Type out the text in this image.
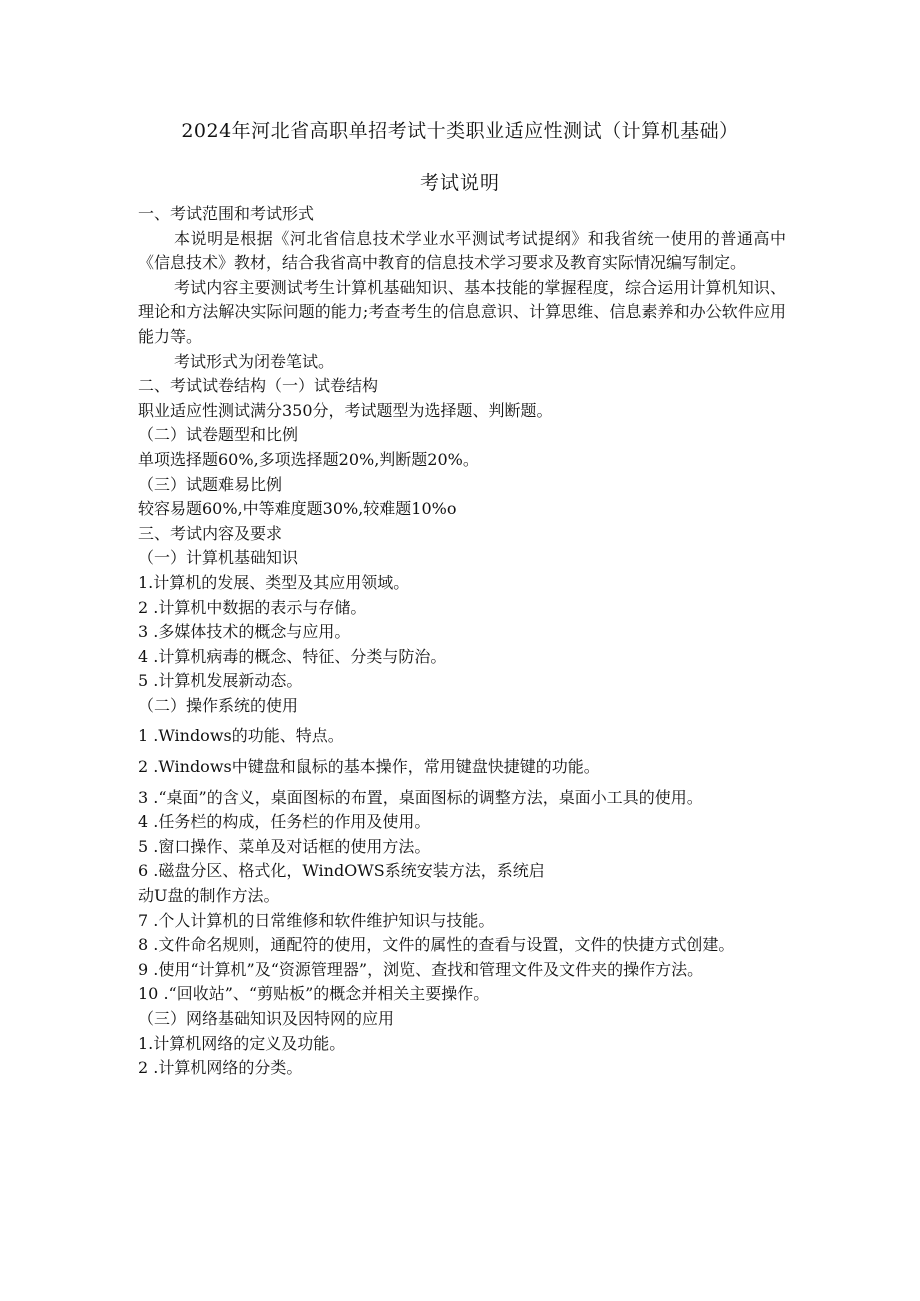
2024年河北省高职单招考试十类职业适应性测试（计算机基础）
考试说明

一、考试范围和考试形式

本说明是根据《河北省信息技术学业水平测试考试提纲》和我省统一使用的普通高中《信息技术》教材，结合我省高中教育的信息技术学习要求及教育实际情况编写制定。

考试内容主要测试考生计算机基础知识、基本技能的掌握程度，综合运用计算机知识、理论和方法解决实际问题的能力;考查考生的信息意识、计算思维、信息素养和办公软件应用能力等。

考试形式为闭卷笔试。

二、考试试卷结构（一）试卷结构

职业适应性测试满分350分，考试题型为选择题、判断题。

（二）试卷题型和比例

单项选择题60%,多项选择题20%,判断题20%。

（三）试题难易比例

较容易题60%,中等难度题30%,较难题10%o

三、考试内容及要求

（一）计算机基础知识

1.计算机的发展、类型及其应用领域。

2 .计算机中数据的表示与存储。

3 .多媒体技术的概念与应用。

4 .计算机病毒的概念、特征、分类与防治。

5 .计算机发展新动态。

（二）操作系统的使用

1 .Windows的功能、特点。

2 .Windows中键盘和鼠标的基本操作，常用键盘快捷键的功能。

3 .“桌面”的含义，桌面图标的布置，桌面图标的调整方法，桌面小工具的使用。

4 .任务栏的构成，任务栏的作用及使用。

5 .窗口操作、菜单及对话框的使用方法。

6 .磁盘分区、格式化，WindOWS系统安装方法，系统启

动U盘的制作方法。

7 .个人计算机的日常维修和软件维护知识与技能。

8 .文件命名规则，通配符的使用，文件的属性的查看与设置，文件的快捷方式创建。

9 .使用“计算机”及“资源管理器”，浏览、查找和管理文件及文件夹的操作方法。

10 .“回收站”、“剪贴板”的概念并相关主要操作。

（三）网络基础知识及因特网的应用

1.计算机网络的定义及功能。

2 .计算机网络的分类。
